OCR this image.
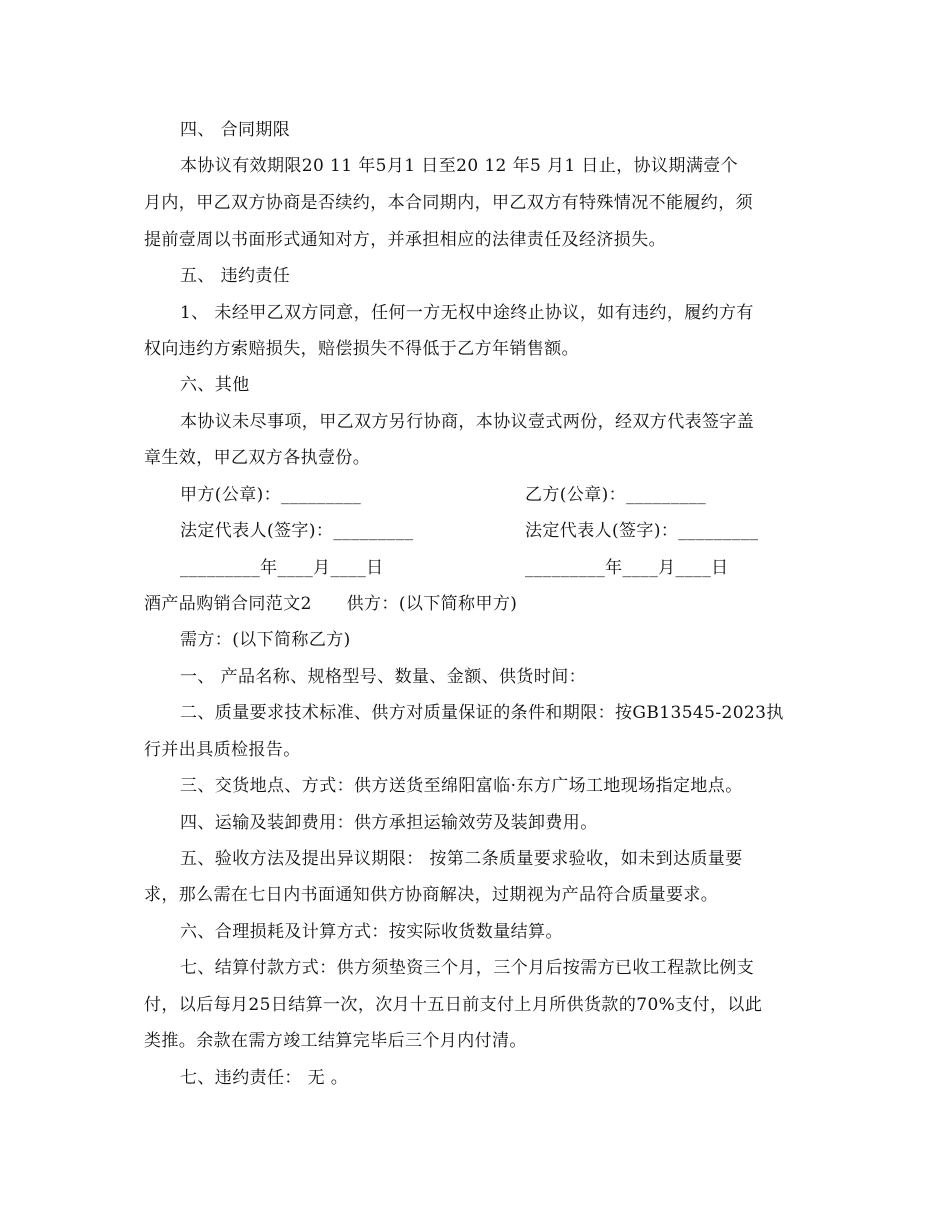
四、 合同期限
本协议有效期限20 11 年5月1 日至20 12 年5 月1 日止，协议期满壹个
月内，甲乙双方协商是否续约，本合同期内，甲乙双方有特殊情况不能履约，须
提前壹周以书面形式通知对方，并承担相应的法律责任及经济损失。
五、 违约责任
1、 未经甲乙双方同意，任何一方无权中途终止协议，如有违约，履约方有
权向违约方索赔损失，赔偿损失不得低于乙方年销售额。
六、其他
本协议未尽事项，甲乙双方另行协商，本协议壹式两份，经双方代表签字盖
章生效，甲乙双方各执壹份。
甲方(公章)：_________	乙方(公章)：_________
法定代表人(签字)：_________	法定代表人(签字)：_________
_________年____月____日	_________年____月____日
酒产品购销合同范文2　　供方：(以下简称甲方)
需方：(以下简称乙方)
一、 产品名称、规格型号、数量、金额、供货时间：
二、质量要求技术标准、供方对质量保证的条件和期限：按GB13545-2023执
行并出具质检报告。
三、交货地点、方式：供方送货至绵阳富临·东方广场工地现场指定地点。
四、运输及装卸费用：供方承担运输效劳及装卸费用。
五、验收方法及提出异议期限： 按第二条质量要求验收，如未到达质量要
求，那么需在七日内书面通知供方协商解决，过期视为产品符合质量要求。
六、合理损耗及计算方式：按实际收货数量结算。
七、结算付款方式：供方须垫资三个月，三个月后按需方已收工程款比例支
付，以后每月25日结算一次，次月十五日前支付上月所供货款的70%支付，以此
类推。余款在需方竣工结算完毕后三个月内付清。
七、违约责任： 无 。
